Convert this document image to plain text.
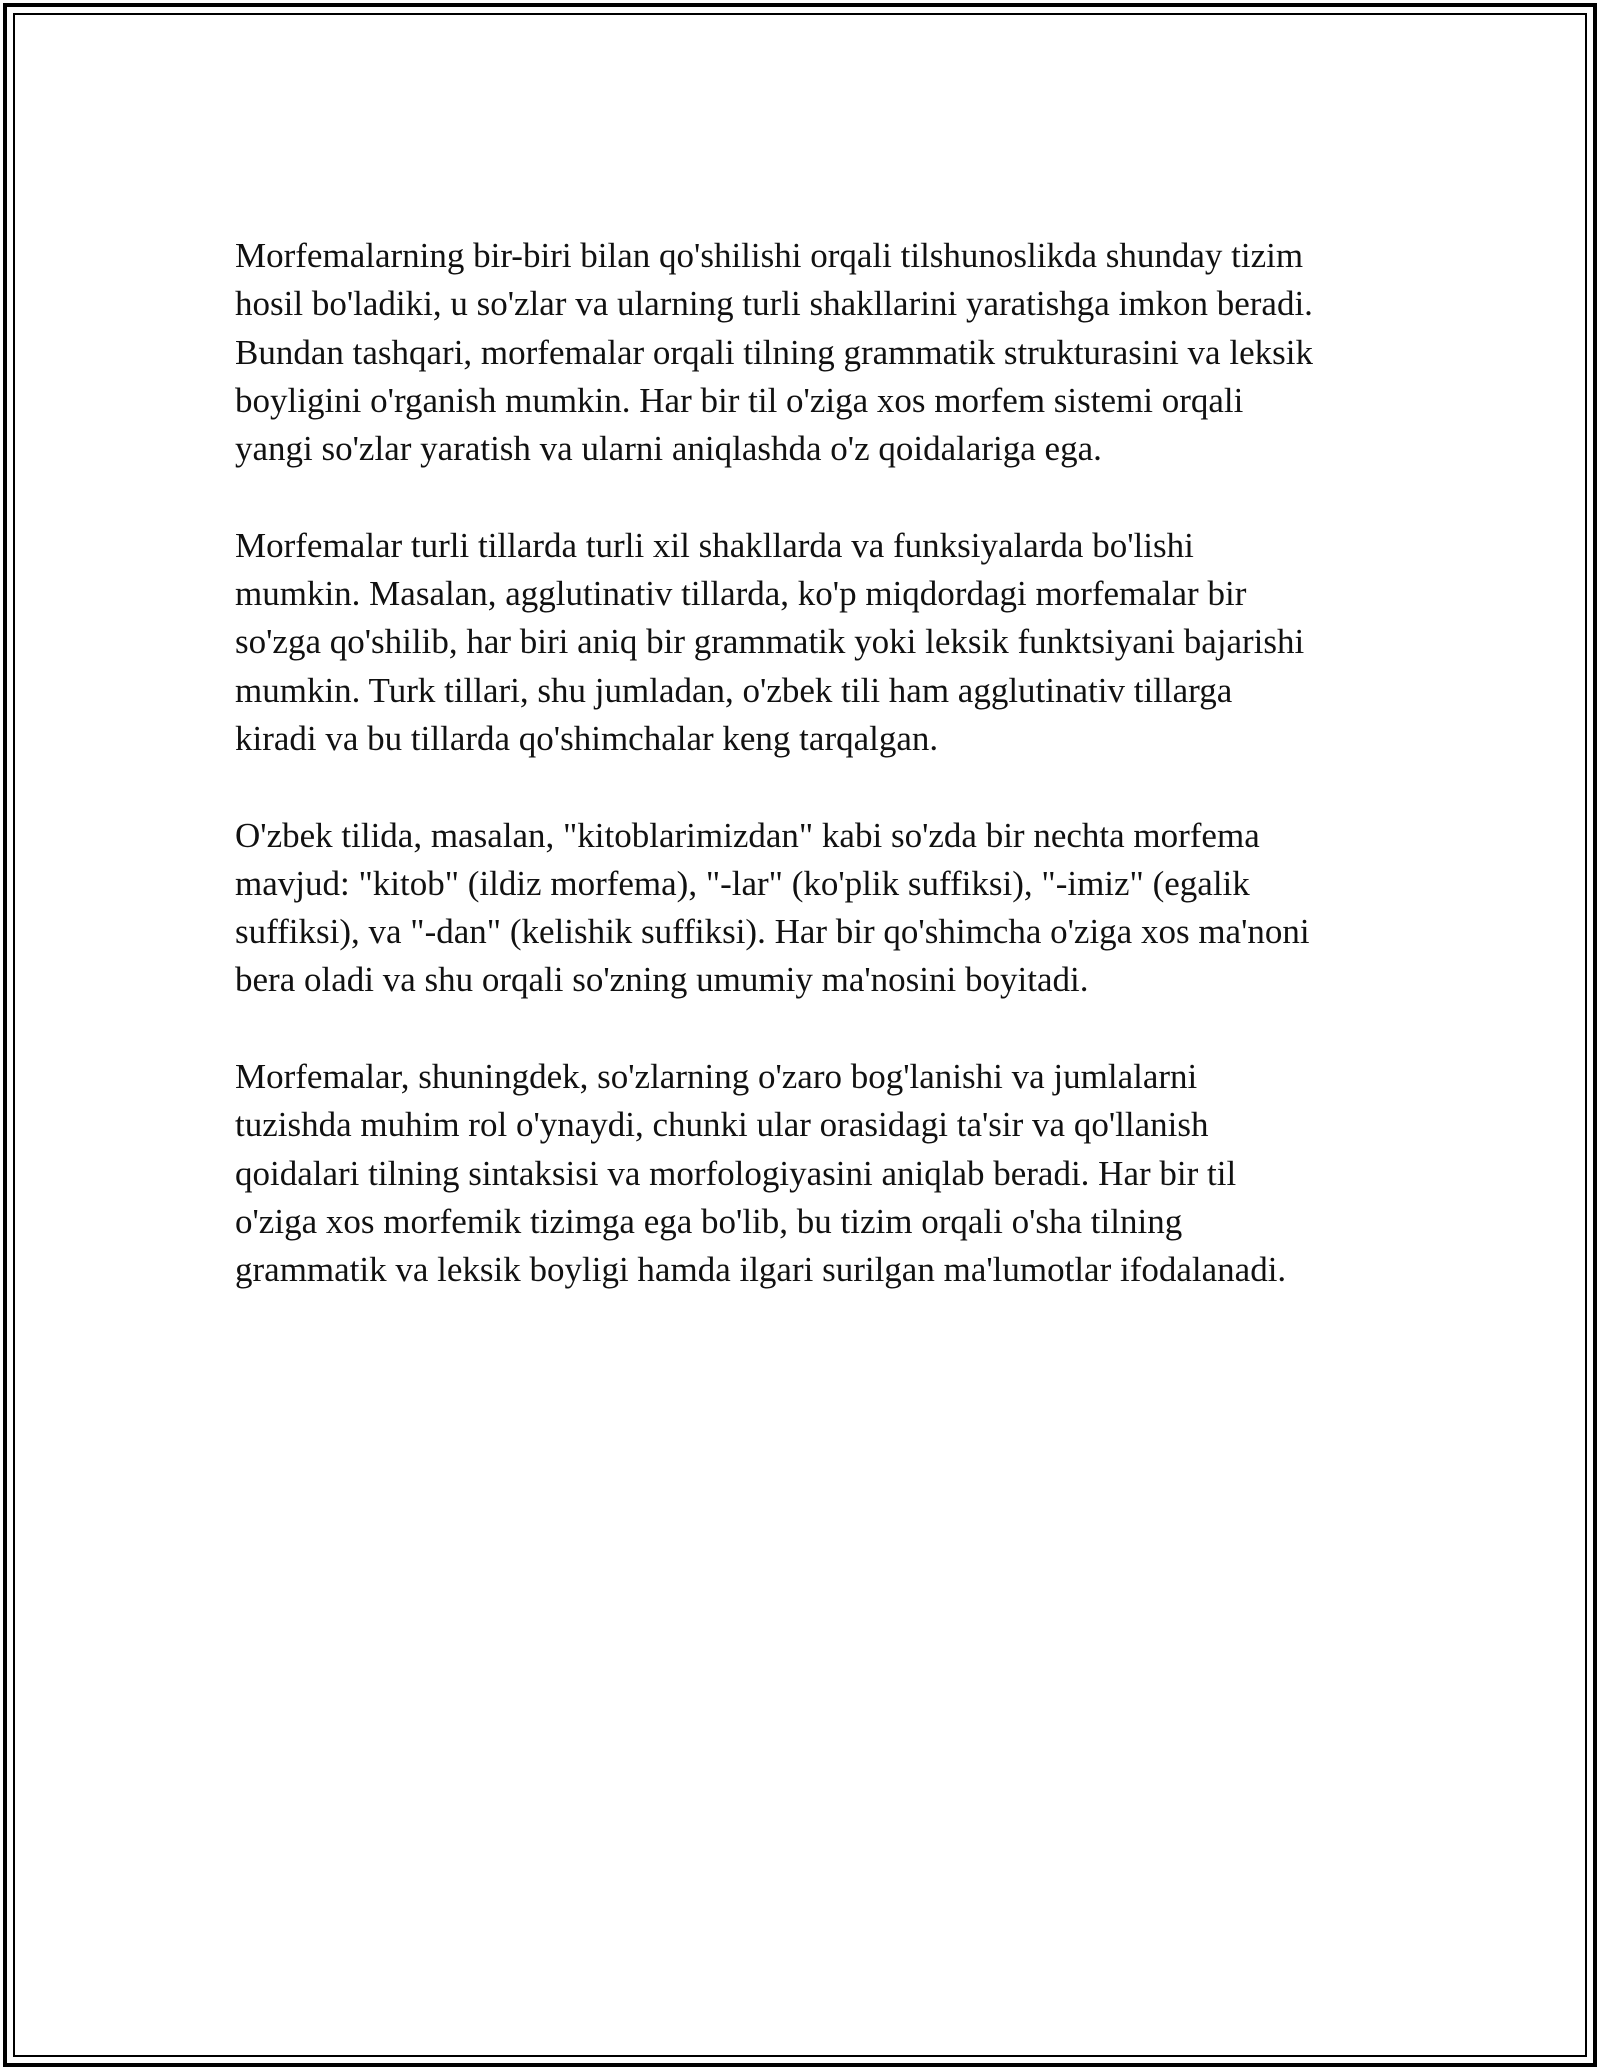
Morfemalarning bir-biri bilan qo'shilishi orqali tilshunoslikda shunday tizim
hosil bo'ladiki, u so'zlar va ularning turli shakllarini yaratishga imkon beradi.
Bundan tashqari, morfemalar orqali tilning grammatik strukturasini va leksik
boyligini o'rganish mumkin. Har bir til o'ziga xos morfem sistemi orqali
yangi so'zlar yaratish va ularni aniqlashda o'z qoidalariga ega.

Morfemalar turli tillarda turli xil shakllarda va funksiyalarda bo'lishi
mumkin. Masalan, agglutinativ tillarda, ko'p miqdordagi morfemalar bir
so'zga qo'shilib, har biri aniq bir grammatik yoki leksik funktsiyani bajarishi
mumkin. Turk tillari, shu jumladan, o'zbek tili ham agglutinativ tillarga
kiradi va bu tillarda qo'shimchalar keng tarqalgan.

O'zbek tilida, masalan, "kitoblarimizdan" kabi so'zda bir nechta morfema
mavjud: "kitob" (ildiz morfema), "-lar" (ko'plik suffiksi), "-imiz" (egalik
suffiksi), va "-dan" (kelishik suffiksi). Har bir qo'shimcha o'ziga xos ma'noni
bera oladi va shu orqali so'zning umumiy ma'nosini boyitadi.

Morfemalar, shuningdek, so'zlarning o'zaro bog'lanishi va jumlalarni
tuzishda muhim rol o'ynaydi, chunki ular orasidagi ta'sir va qo'llanish
qoidalari tilning sintaksisi va morfologiyasini aniqlab beradi. Har bir til
o'ziga xos morfemik tizimga ega bo'lib, bu tizim orqali o'sha tilning
grammatik va leksik boyligi hamda ilgari surilgan ma'lumotlar ifodalanadi.
